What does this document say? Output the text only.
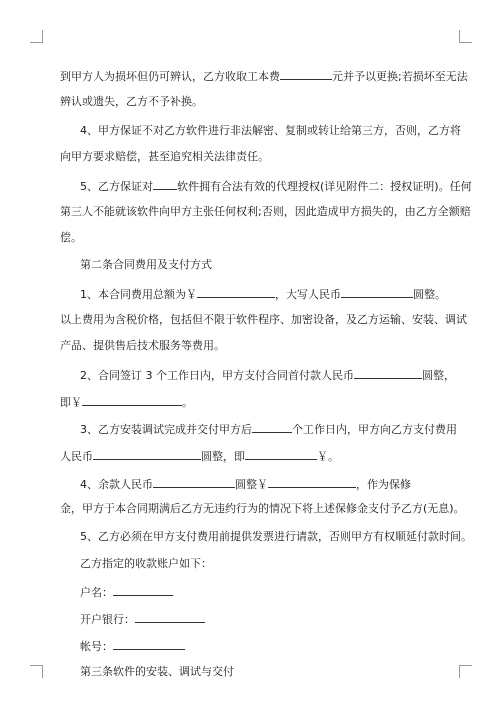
到甲方人为损坏但仍可辨认，乙方收取工本费	元并予以更换;若损坏至无法
辨认或遗失，乙方不予补换。
4、甲方保证不对乙方软件进行非法解密、复制或转让给第三方，否则，乙方将
向甲方要求赔偿，甚至追究相关法律责任。
5、乙方保证对 软件拥有合法有效的代理授权(详见附件二：授权证明)。任何
第三人不能就该软件向甲方主张任何权利;否则，因此造成甲方损失的，由乙方全额赔
偿。
第二条合同费用及支付方式
1、本合同费用总额为￥	，大写人民币	圆整。
以上费用为含税价格，包括但不限于软件程序、加密设备，及乙方运输、安装、调试
产品、提供售后技术服务等费用。
2、合同签订 3 个工作日内，甲方支付合同首付款人民币	圆整，
即￥	。
3、乙方安装调试完成并交付甲方后	个工作日内，甲方向乙方支付费用
人民币	圆整，即	￥。
4、余款人民币	圆整￥	，作为保修
金，甲方于本合同期满后乙方无违约行为的情况下将上述保修金支付予乙方(无息)。
5、乙方必须在甲方支付费用前提供发票进行请款，否则甲方有权顺延付款时间。
乙方指定的收款账户如下：
户名：
开户银行：
帐号：
第三条软件的安装、调试与交付
